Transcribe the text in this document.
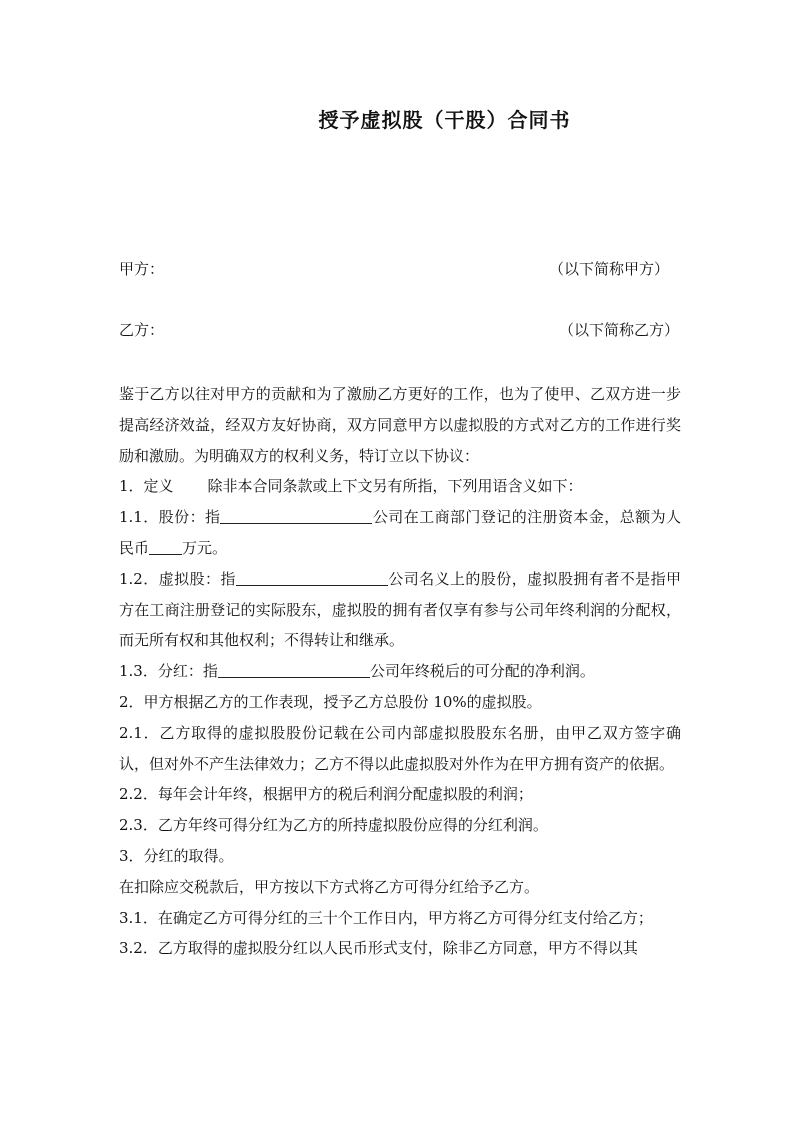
授予虚拟股（干股）合同书
甲方：	（以下简称甲方）
乙方：	（以下简称乙方）

鉴于乙方以往对甲方的贡献和为了激励乙方更好的工作，也为了使甲、乙双方进一步提高经济效益，经双方友好协商，双方同意甲方以虚拟股的方式对乙方的工作进行奖励和激励。为明确双方的权利义务，特订立以下协议：

1．定义 除非本合同条款或上下文另有所指，下列用语含义如下：

1.1．股份：指	公司在工商部门登记的注册资本金，总额为人民币 万元。

1.2．虚拟股：指	公司名义上的股份，虚拟股拥有者不是指甲方在工商注册登记的实际股东，虚拟股的拥有者仅享有参与公司年终利润的分配权，而无所有权和其他权利；不得转让和继承。

1.3．分红：指	公司年终税后的可分配的净利润。

2．甲方根据乙方的工作表现，授予乙方总股份 10%的虚拟股。

2.1．乙方取得的虚拟股股份记载在公司内部虚拟股股东名册，由甲乙双方签字确认，但对外不产生法律效力；乙方不得以此虚拟股对外作为在甲方拥有资产的依据。

2.2．每年会计年终，根据甲方的税后利润分配虚拟股的利润；

2.3．乙方年终可得分红为乙方的所持虚拟股份应得的分红利润。

3．分红的取得。

在扣除应交税款后，甲方按以下方式将乙方可得分红给予乙方。

3.1．在确定乙方可得分红的三十个工作日内，甲方将乙方可得分红支付给乙方；

3.2．乙方取得的虚拟股分红以人民币形式支付，除非乙方同意，甲方不得以其
